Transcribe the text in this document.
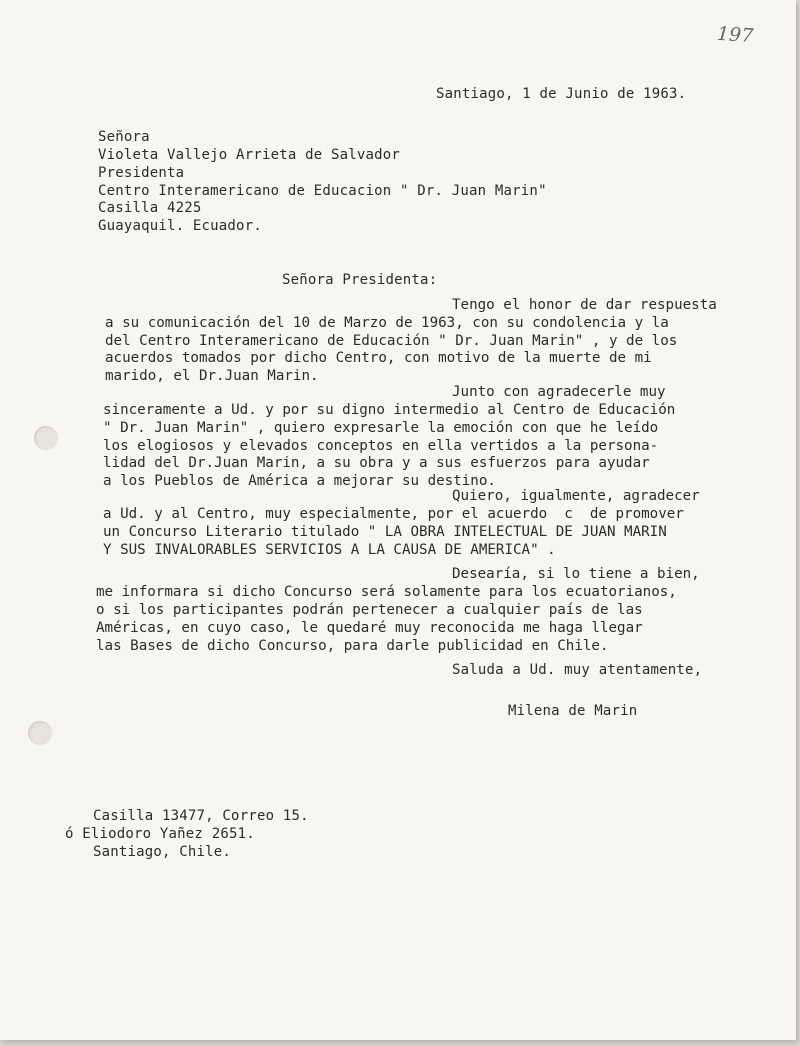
197
Santiago, 1 de Junio de 1963.
Señora
Violeta Vallejo Arrieta de Salvador
Presidenta
Centro Interamericano de Educacion " Dr. Juan Marin"
Casilla 4225
Guayaquil. Ecuador.
Señora Presidenta:
Tengo el honor de dar respuesta
a su comunicación del 10 de Marzo de 1963, con su condolencia y la
del Centro Interamericano de Educación " Dr. Juan Marin" , y de los
acuerdos tomados por dicho Centro, con motivo de la muerte de mi
marido, el Dr.Juan Marin.
Junto con agradecerle muy
sinceramente a Ud. y por su digno intermedio al Centro de Educación
" Dr. Juan Marin" , quiero expresarle la emoción con que he leído
los elogiosos y elevados conceptos en ella vertidos a la persona-
lidad del Dr.Juan Marin, a su obra y a sus esfuerzos para ayudar
a los Pueblos de América a mejorar su destino.
Quiero, igualmente, agradecer
a Ud. y al Centro, muy especialmente, por el acuerdo  c  de promover
un Concurso Literario titulado " LA OBRA INTELECTUAL DE JUAN MARIN
Y SUS INVALORABLES SERVICIOS A LA CAUSA DE AMERICA" .
Desearía, si lo tiene a bien,
me informara si dicho Concurso será solamente para los ecuatorianos,
o si los participantes podrán pertenecer a cualquier país de las
Américas, en cuyo caso, le quedaré muy reconocida me haga llegar
las Bases de dicho Concurso, para darle publicidad en Chile.
Saluda a Ud. muy atentamente,
Milena de Marin
Casilla 13477, Correo 15.
ó Eliodoro Yañez 2651.
Santiago, Chile.
